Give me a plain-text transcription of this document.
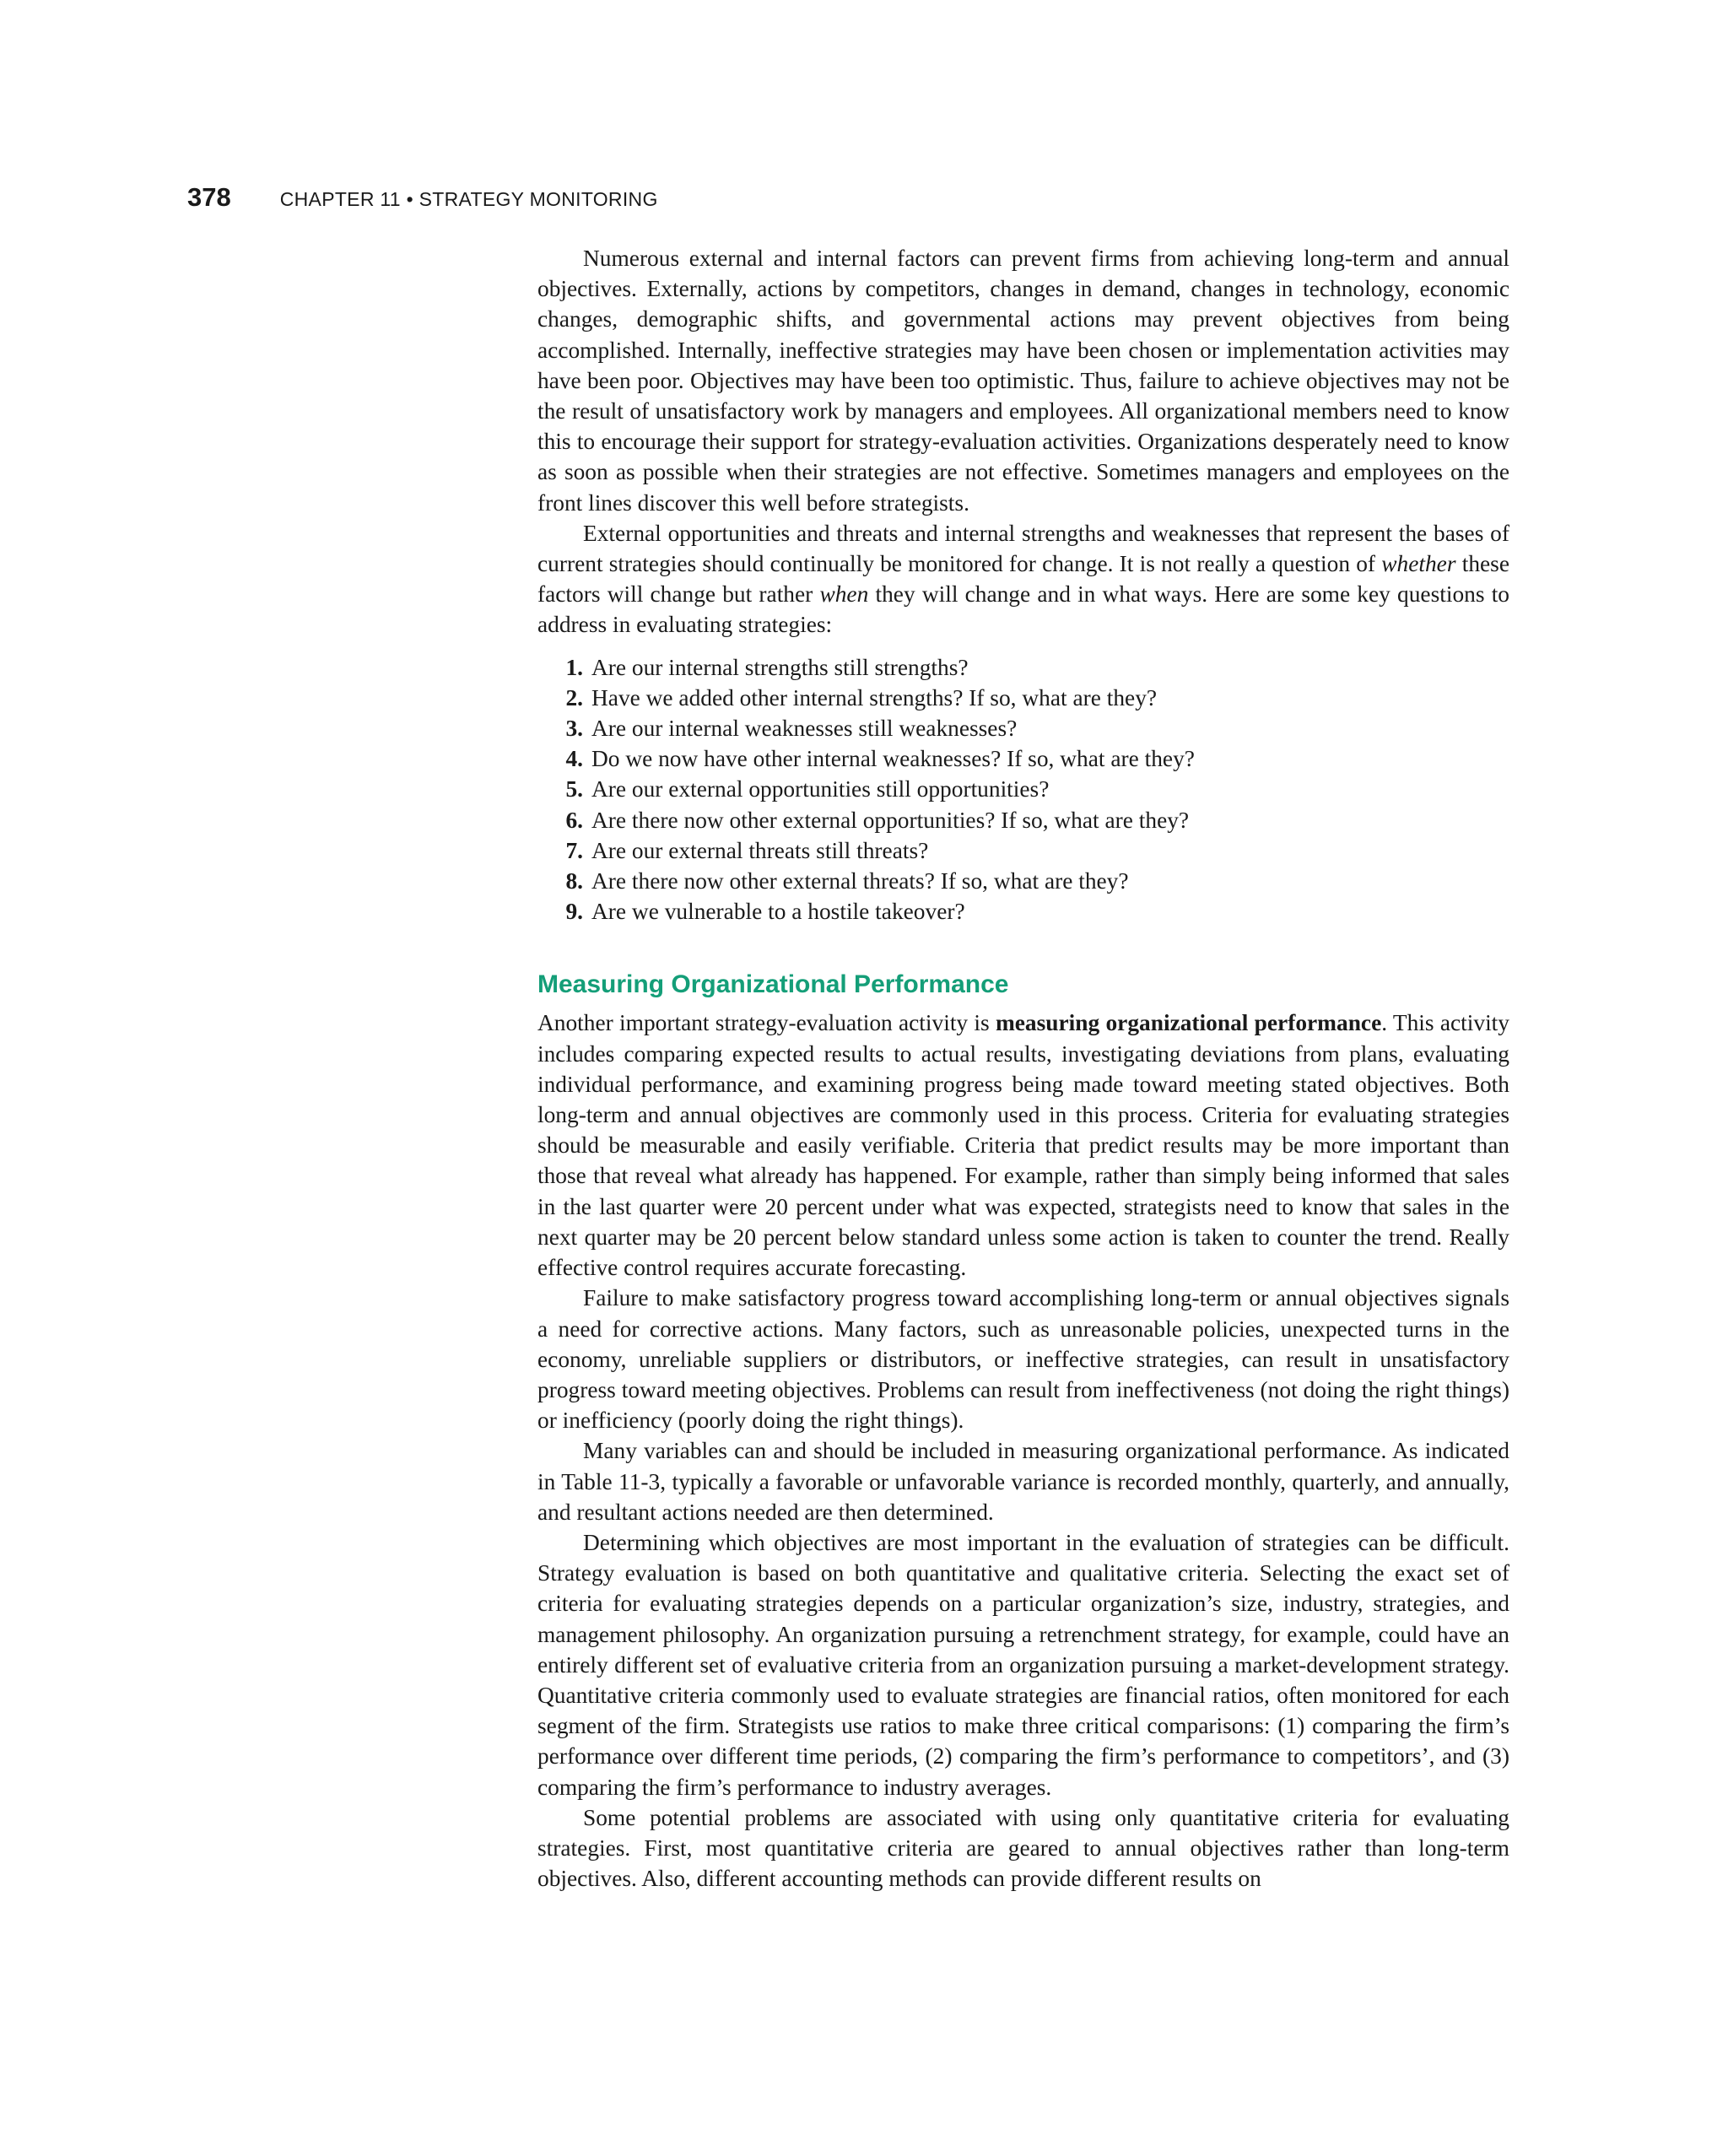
378	CHAPTER 11 • STRATEGY MONITORING

Numerous external and internal factors can prevent firms from achieving long-term and annual objectives. Externally, actions by competitors, changes in demand, changes in technology, economic changes, demographic shifts, and governmental actions may prevent objectives from being accomplished. Internally, ineffective strategies may have been chosen or implementation activities may have been poor. Objectives may have been too optimistic. Thus, failure to achieve objectives may not be the result of unsatisfactory work by managers and employees. All organizational members need to know this to encourage their support for strategy-evaluation activities. Organizations desperately need to know as soon as possible when their strategies are not effective. Sometimes managers and employees on the front lines discover this well before strategists.

External opportunities and threats and internal strengths and weaknesses that represent the bases of current strategies should continually be monitored for change. It is not really a question of whether these factors will change but rather when they will change and in what ways. Here are some key questions to address in evaluating strategies:

1. Are our internal strengths still strengths?
2. Have we added other internal strengths? If so, what are they?
3. Are our internal weaknesses still weaknesses?
4. Do we now have other internal weaknesses? If so, what are they?
5. Are our external opportunities still opportunities?
6. Are there now other external opportunities? If so, what are they?
7. Are our external threats still threats?
8. Are there now other external threats? If so, what are they?
9. Are we vulnerable to a hostile takeover?
Measuring Organizational Performance

Another important strategy-evaluation activity is measuring organizational performance. This activity includes comparing expected results to actual results, investigating deviations from plans, evaluating individual performance, and examining progress being made toward meeting stated objectives. Both long-term and annual objectives are commonly used in this process. Criteria for evaluating strategies should be measurable and easily verifiable. Criteria that predict results may be more important than those that reveal what already has happened. For example, rather than simply being informed that sales in the last quarter were 20 percent under what was expected, strategists need to know that sales in the next quarter may be 20 percent below standard unless some action is taken to counter the trend. Really effective control requires accurate forecasting.

Failure to make satisfactory progress toward accomplishing long-term or annual objectives signals a need for corrective actions. Many factors, such as unreasonable policies, unexpected turns in the economy, unreliable suppliers or distributors, or ineffective strategies, can result in unsatisfactory progress toward meeting objectives. Problems can result from ineffectiveness (not doing the right things) or inefficiency (poorly doing the right things).

Many variables can and should be included in measuring organizational performance. As indicated in Table 11-3, typically a favorable or unfavorable variance is recorded monthly, quarterly, and annually, and resultant actions needed are then determined.

Determining which objectives are most important in the evaluation of strategies can be difficult. Strategy evaluation is based on both quantitative and qualitative criteria. Selecting the exact set of criteria for evaluating strategies depends on a particular organization’s size, industry, strategies, and management philosophy. An organization pursuing a retrenchment strategy, for example, could have an entirely different set of evaluative criteria from an organization pursuing a market-development strategy. Quantitative criteria commonly used to evaluate strategies are financial ratios, often monitored for each segment of the firm. Strategists use ratios to make three critical comparisons: (1) comparing the firm’s performance over different time periods, (2) comparing the firm’s performance to competitors’, and (3) comparing the firm’s performance to industry averages.

Some potential problems are associated with using only quantitative criteria for evaluating strategies. First, most quantitative criteria are geared to annual objectives rather than long-term objectives. Also, different accounting methods can provide different results on
